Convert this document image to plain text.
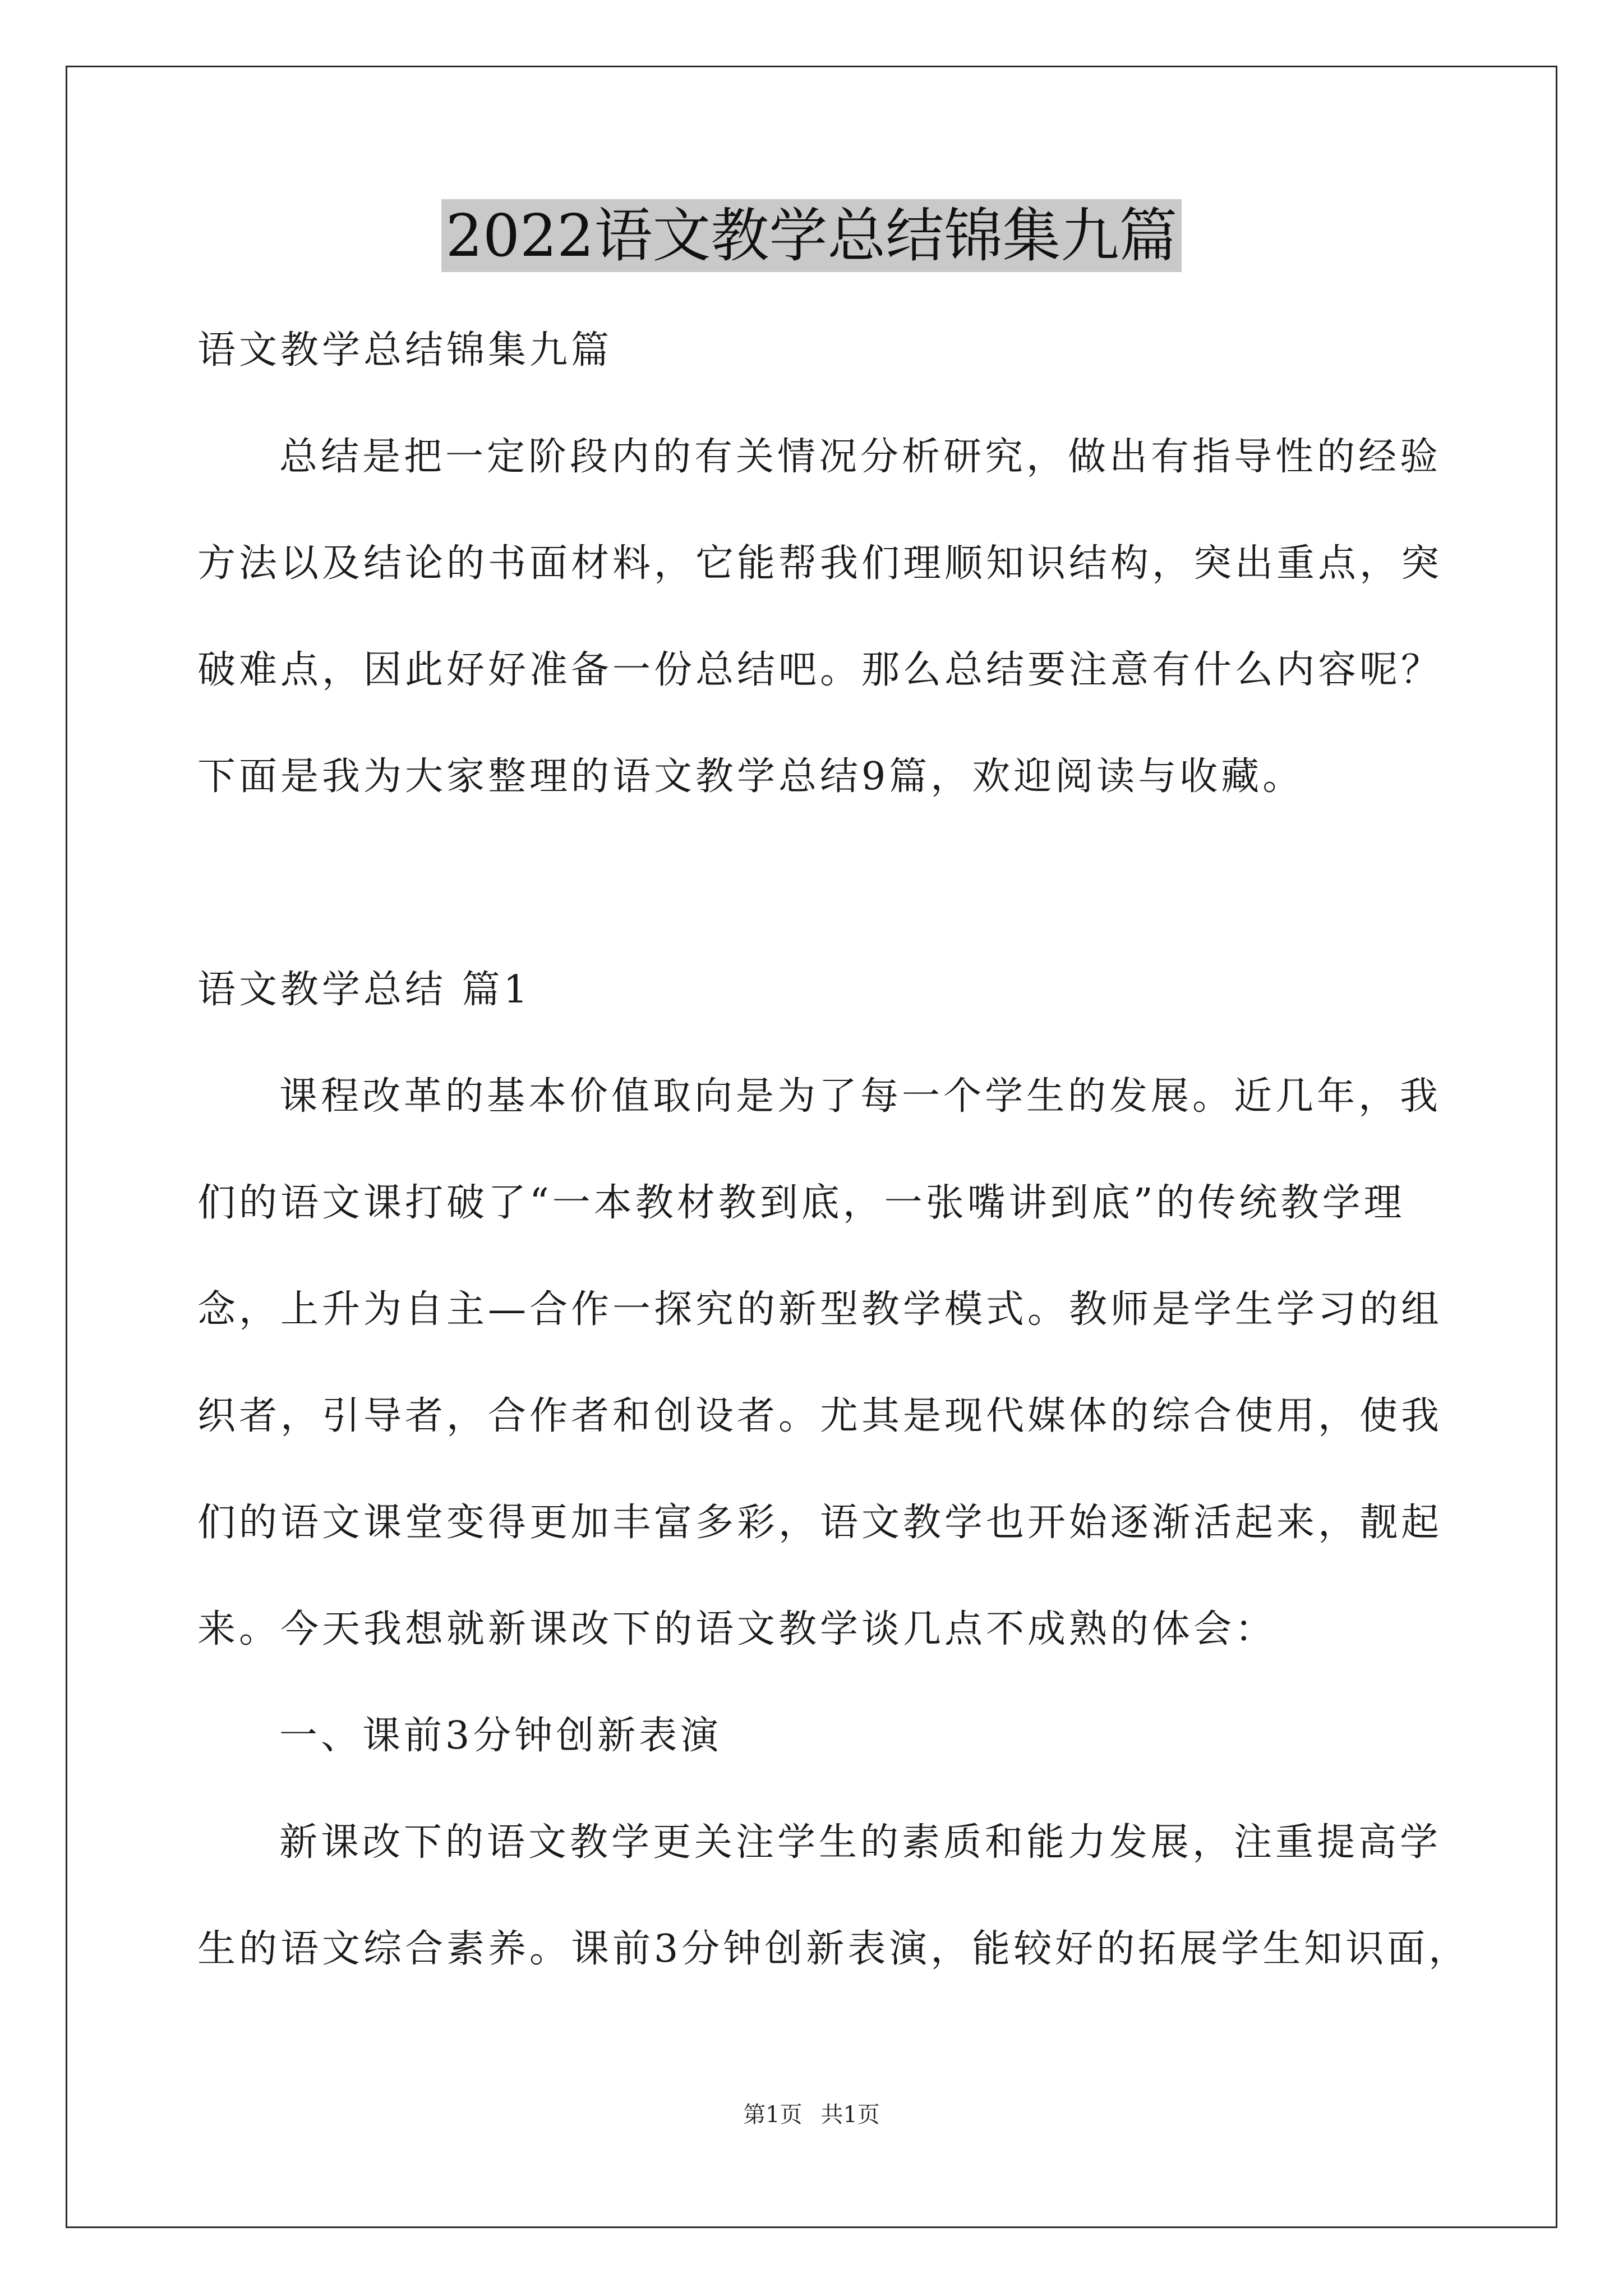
2022语文教学总结锦集九篇
语文教学总结锦集九篇
总结是把一定阶段内的有关情况分析研究，做出有指导性的经验
方法以及结论的书面材料，它能帮我们理顺知识结构，突出重点，突
破难点，因此好好准备一份总结吧。那么总结要注意有什么内容呢？
下面是我为大家整理的语文教学总结9篇，欢迎阅读与收藏。
语文教学总结 篇1
课程改革的基本价值取向是为了每一个学生的发展。近几年，我
们的语文课打破了“一本教材教到底，一张嘴讲到底”的传统教学理
念，上升为自主—合作一探究的新型教学模式。教师是学生学习的组
织者，引导者，合作者和创设者。尤其是现代媒体的综合使用，使我
们的语文课堂变得更加丰富多彩，语文教学也开始逐渐活起来，靓起
来。今天我想就新课改下的语文教学谈几点不成熟的体会：
一、课前3分钟创新表演
新课改下的语文教学更关注学生的素质和能力发展，注重提高学
生的语文综合素养。课前3分钟创新表演，能较好的拓展学生知识面，
第1页 共1页
